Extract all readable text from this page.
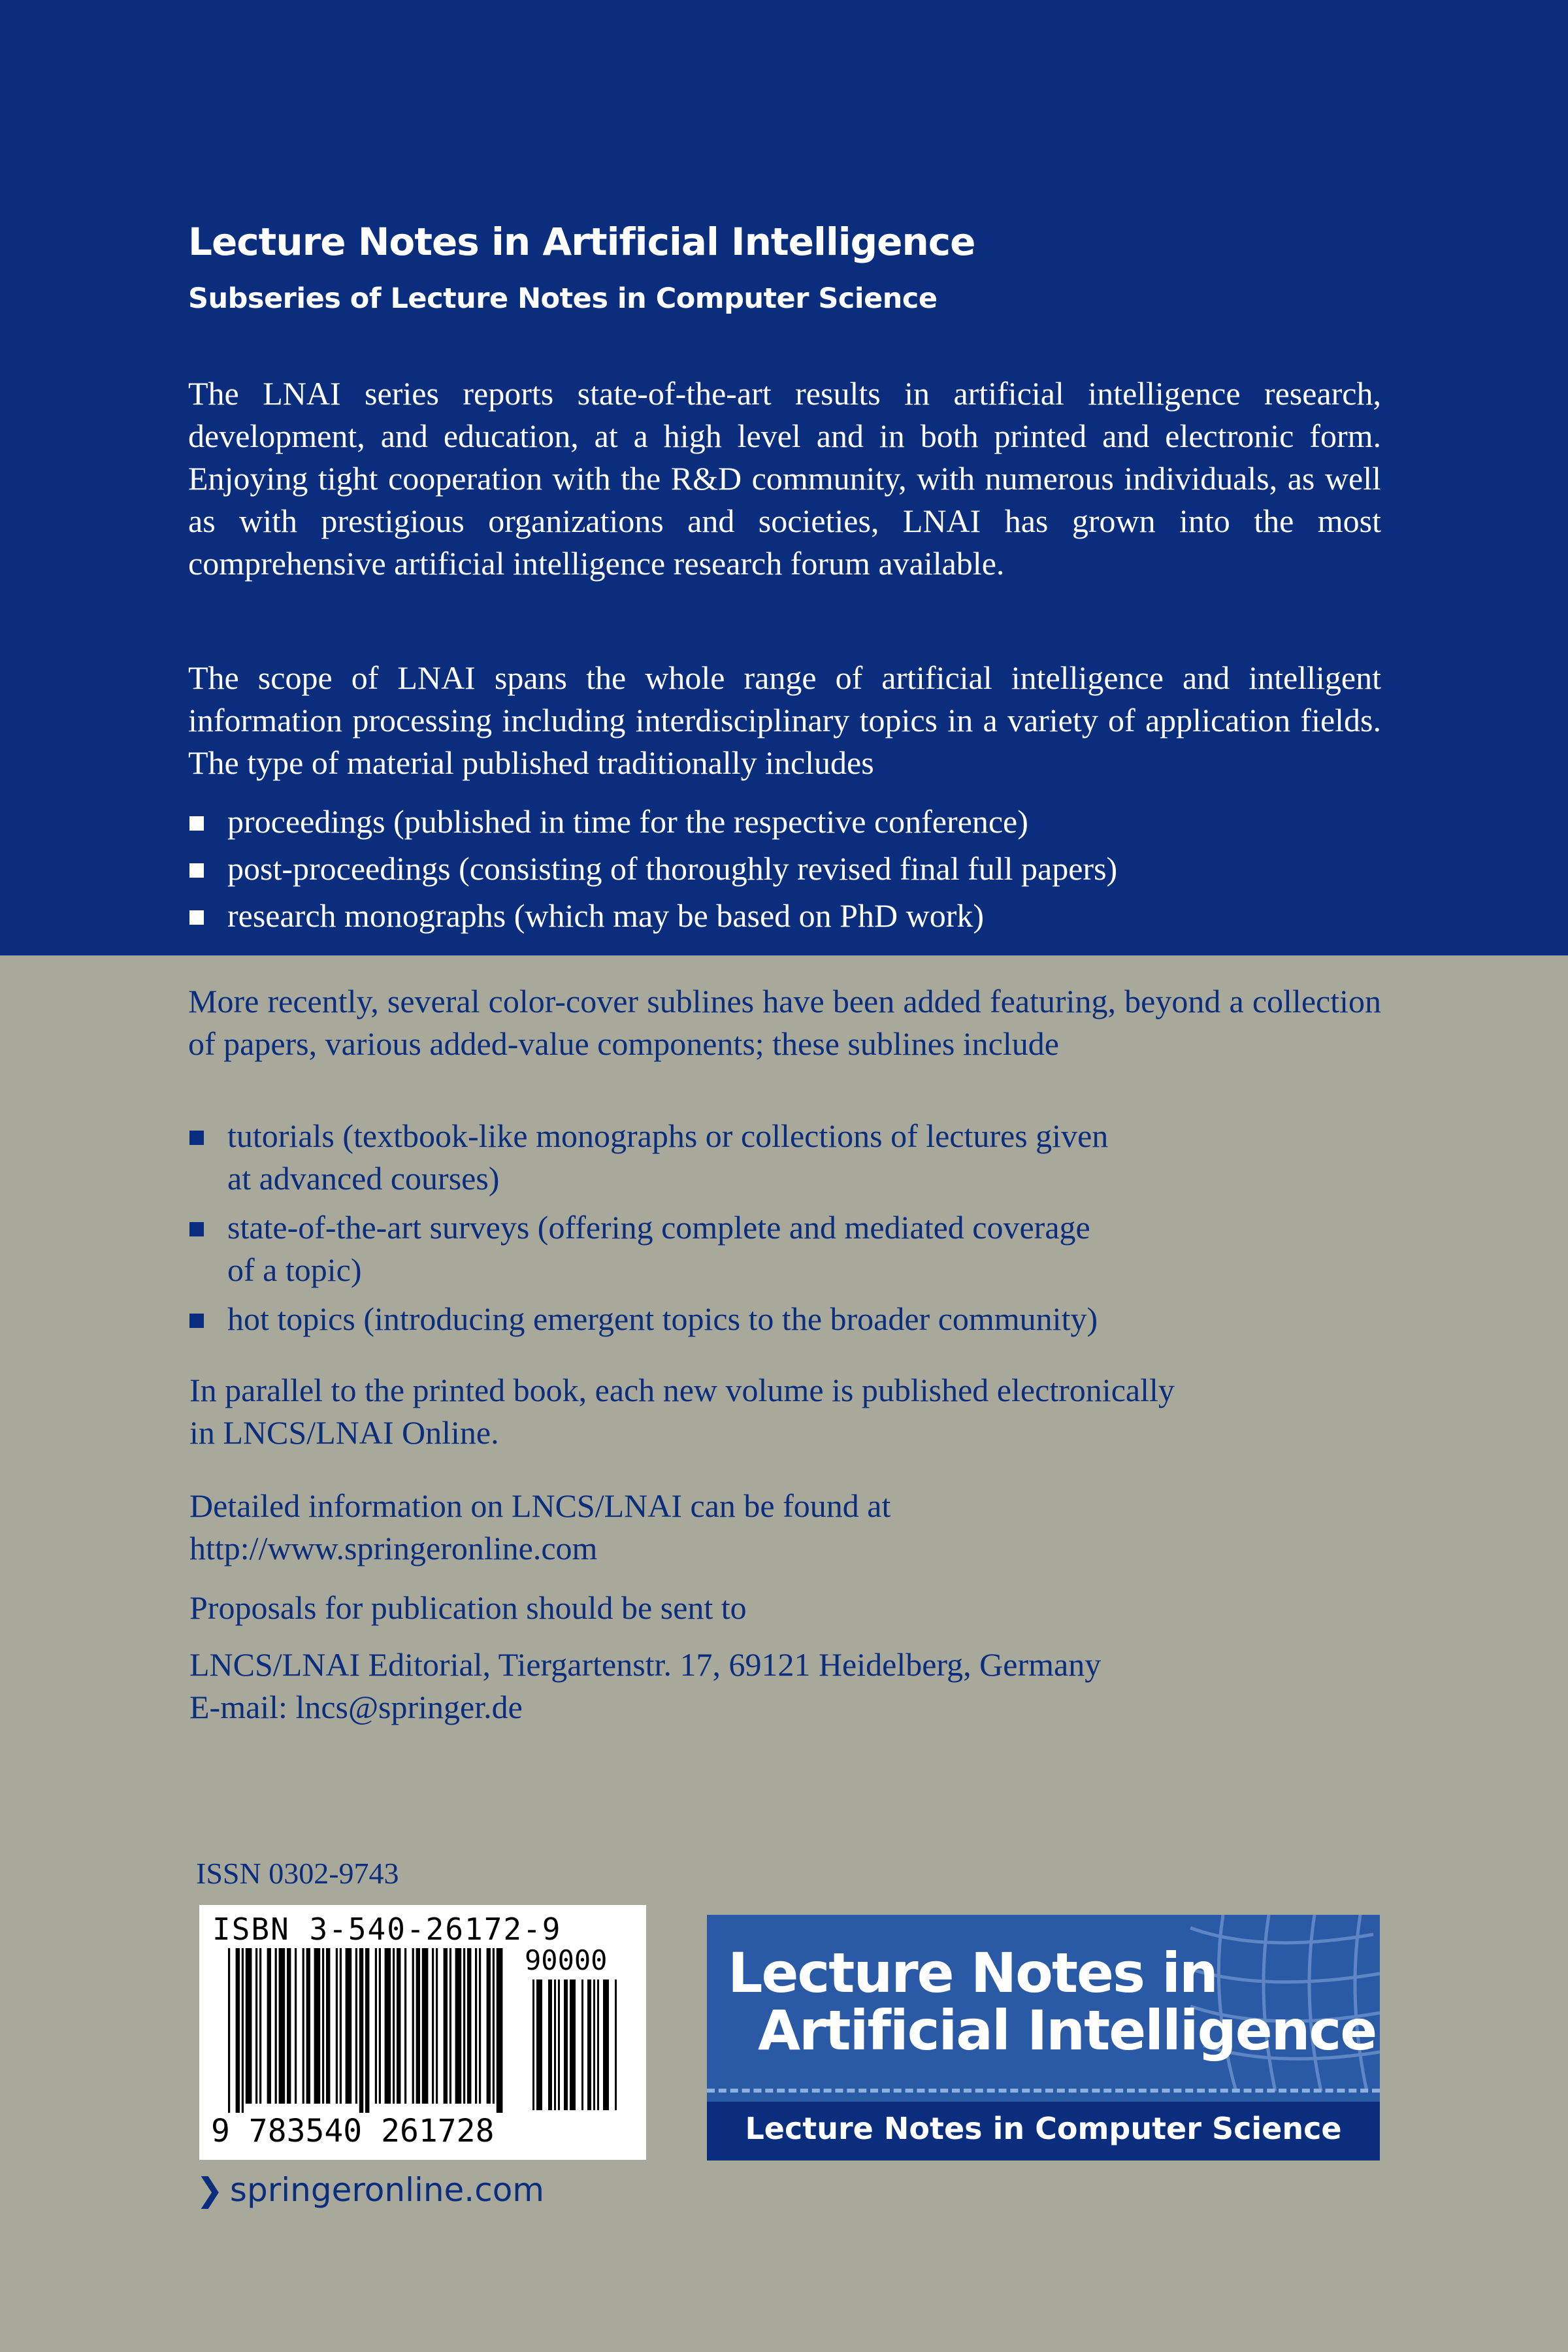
Lecture Notes in Artificial Intelligence
Subseries of Lecture Notes in Computer Science

The LNAI series reports state-of-the-art results in artificial intelligence research, development, and education, at a high level and in both printed and electronic form. Enjoying tight cooperation with the R&D community, with numerous individuals, as well as with prestigious organizations and societies, LNAI has grown into the most comprehensive artificial intelligence research forum available.

The scope of LNAI spans the whole range of artificial intelligence and intelligent information processing including interdisciplinary topics in a variety of application fields. The type of material published traditionally includes

proceedings (published in time for the respective conference)
post-proceedings (consisting of thoroughly revised final full papers)
research monographs (which may be based on PhD work)

More recently, several color-cover sublines have been added featuring, beyond a collection of papers, various added-value components; these sublines include

tutorials (textbook-like monographs or collections of lectures given
at advanced courses)
state-of-the-art surveys (offering complete and mediated coverage
of a topic)
hot topics (introducing emergent topics to the broader community)

In parallel to the printed book, each new volume is published electronically

in LNCS/LNAI Online.

Detailed information on LNCS/LNAI can be found at

http://www.springeronline.com

Proposals for publication should be sent to

LNCS/LNAI Editorial, Tiergartenstr. 17, 69121 Heidelberg, Germany

E-mail: lncs@springer.de

ISSN 0302-9743
ISBN 3-540-26172-9
90000
9 783540 261728
Lecture Notes in
Artificial Intelligence
Lecture Notes in Computer Science
❯ springeronline.com
